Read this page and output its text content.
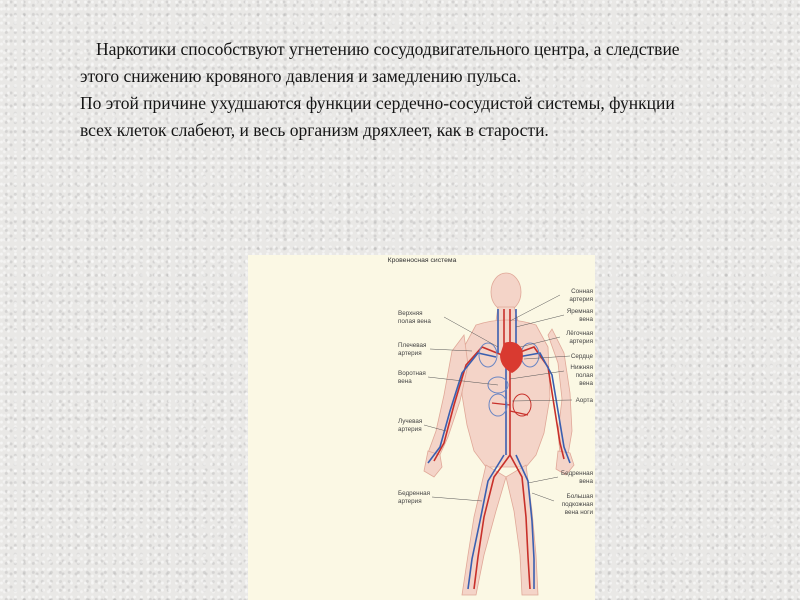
Наркотики способствуют угнетению сосудодвигательного центра, а следствие этого снижению кровяного давления и замедлению пульса.

По этой причине ухудшаются функции сердечно-сосудистой системы, функции всех клеток слабеют, и весь организм дряхлеет, как в старости.

Кровеносная система
Верхняя
полая вена
Плечевая
артерия
Воротная
вена
Лучевая
артерия
Бедренная
артерия
Сонная
артерия
Яремная
вена
Лёгочная
артерия
Сердце
Нижняя
полая
вена
Аорта
Бедренная
вена
Большая
подкожная
вена ноги
